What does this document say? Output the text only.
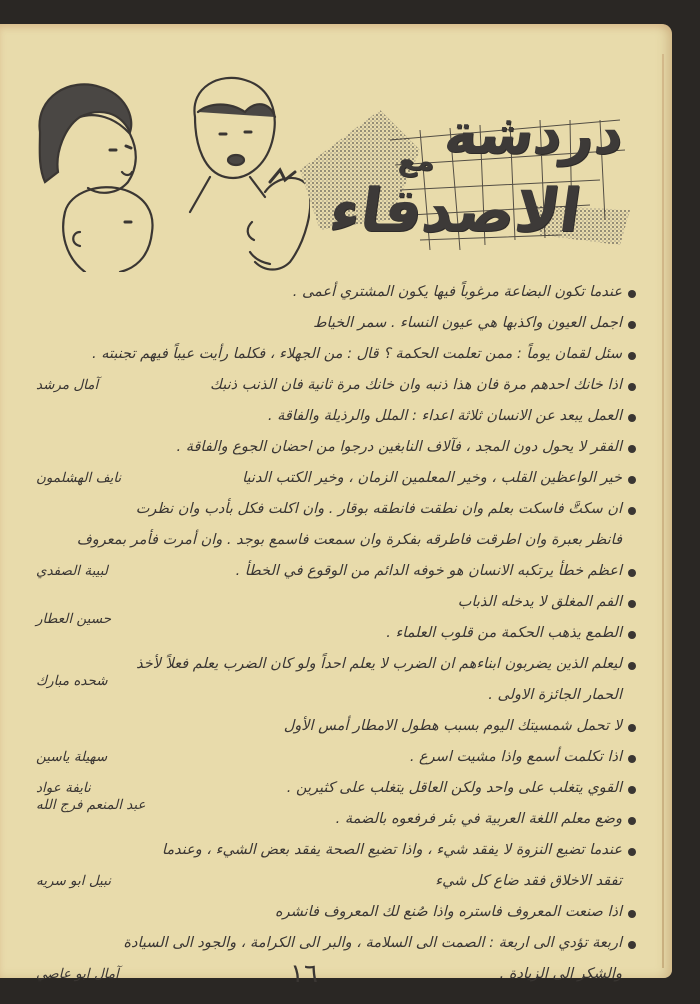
دردشة
مع
الاصدقاء
عندما تكون البضاعة مرغوباً فيها يكون المشتري أعمى .
اجمل العيون واكذبها هي عيون النساء . سمر الخياط
سئل لقمان يوماً : ممن تعلمت الحكمة ؟ قال : من الجهلاء ، فكلما رأيت عيباً فيهم تجنبته .
اذا خانك احدهم مرة فان هذا ذنبه وان خانك مرة ثانية فان الذنب ذنبك
آمال مرشد
العمل يبعد عن الانسان ثلاثة اعداء : الملل والرذيلة والفاقة .
الفقر لا يحول دون المجد ، فآلاف النابغين درجوا من احضان الجوع والفاقة .
خير الواعظين القلب ، وخير المعلمين الزمان ، وخير الكتب الدنيا
نايف الهشلمون
ان سكتَّ فاسكت بعلم وان نطقت فانطقه بوقار . وان اكلت فكل بأدب وان نظرت
فانظر بعبرة وان اطرقت فاطرقه بفكرة وان سمعت فاسمع بوجد . وان أمرت فأمر بمعروف
اعظم خطأ يرتكبه الانسان هو خوفه الدائم من الوقوع في الخطأ .
لبيبة الصفدي
الفم المغلق لا يدخله الذباب
الطمع يذهب الحكمة من قلوب العلماء .
حسين العطار
ليعلم الذين يضربون ابناءهم ان الضرب لا يعلم احداً ولو كان الضرب يعلم فعلاً لأخذ
الحمار الجائزة الاولى .
شحده مبارك
لا تحمل شمسيتك اليوم بسبب هطول الامطار أمس الأول
اذا تكلمت أسمع واذا مشيت اسرع .
سهيلة ياسين
القوي يتغلب على واحد ولكن العاقل يتغلب على كثيرين .
نايفة عواد
وضع معلم اللغة العربية في بئر فرفعوه بالضمة .
عبد المنعم فرج الله
عندما تضيع النزوة لا يفقد شيء ، واذا تضيع الصحة يفقد بعض الشيء ، وعندما
تفقد الاخلاق فقد ضاع كل شيء
نبيل ابو سريه
اذا صنعت المعروف فاستره واذا صُنع لك المعروف فانشره
اربعة تؤدي الى اربعة : الصمت الى السلامة ، والبر الى الكرامة ، والجود الى السيادة
والشكر الى الزيادة .
آمال ابو عاصي	١٦
